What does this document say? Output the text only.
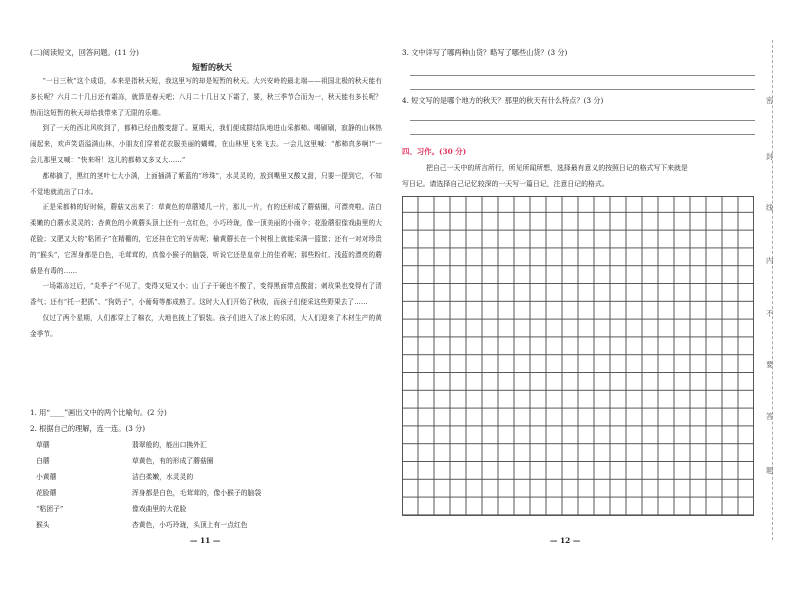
(二)阅读短文，回答问题。(11 分)
短暂的秋天

“一日三秋”这个成语，本来是指秋天短，我这里写的却是短暂的秋天。大兴安岭的最北端——祖国北极的秋天能有多长呢？六月二十几日还有霜冻，就算是春天吧；八月二十几日又下霜了，要，秋三季节合而为一，秋天能有多长呢？热而这短暂的秋天却给我带来了无限的乐趣。

到了一天的西北风吹到了，都柿已经由酸变甜了。夏期天，我们便成群结队地进山采都柿。喝刷刷，寂静的山林热闹起来，欢声笑语溢满山林，小朋友们穿着花衣服美丽的蝴蝶，在山林里飞来飞去。一会儿这里喊：“都柿真多啊!”一会儿那里又喊：“快来呀！这儿的都柿又多又大……”

都柿摘了，黑红的茎叶七大小满，上面插满了紫蓝的“珍珠”，水灵灵的，放到嘴里又酸又甜，只要一提到它，不知不觉地就流出了口水。

正是采都柿的好时候，蘑菇又出来了：草黄色的草蘑矮几一片，那儿一片，有的还形成了蘑菇圈，可漂亮啦。洁白柔嫩的白蘑水灵灵的；杏黄色的小黄蘑头顶上还有一点红色，小巧玲珑，像一顶美丽的小雨伞；花脸蘑很像戏曲里的大花脸；又肥又大的“粘团子”在精棚的，它还挂在它的牙齿呢；榆黄蘑长在一个树根上就能采满一篮筐；还有一对对珍贵的“猴头”，它浑身都是白色，毛茸茸的，真像小猴子的脑袋，听说它还是皇帝上的佳肴呢；那些粉红、浅蓝的漂亮的蘑菇是有毒的……

一场霜冻过后，“炎季子”不见了，变得又短又小；山丁子干硬也不酸了，变得黑面带点酸甜；刺玫果也变得有了清香气；还有“托一把抓”、“狗奶子”，小葡萄等都成熟了。这时大人们开始了秋收，而孩子们便采这些野果去了……

仅过了两个星期，人们都穿上了棉衣，大地也披上了银装。孩子们进入了冰上的乐园，大人们迎来了木材生产的黄金季节。

1. 用“____”画出文中的两个比喻句。(2 分)
2. 根据自己的理解，连一连。(3 分)
草蘑	翡翠般的，能出口换外汇
白蘑	草黄色，有的形成了蘑菇圈
小黄蘑	洁白柔嫩，水灵灵的
花脸蘑	浑身都是白色，毛茸茸的，像小猴子的脑袋
“粘团子”	像戏曲里的大花脸
猴头	杏黄色，小巧玲珑，头顶上有一点红色
— 11 —
3. 文中详写了哪两种山货？略写了哪些山货？(3 分)
4. 短文写的是哪个地方的秋天？那里的秋天有什么特点？(3 分)
四、习作。(30 分)
把自己一天中的所言所行，所见所闻所想，选择最有意义的按照日记的格式写下来就是
写日记。请选择自己记忆较深的一天写一篇日记，注意日记的格式。
— 12 —
密
封
线
内
不
要
答
题
